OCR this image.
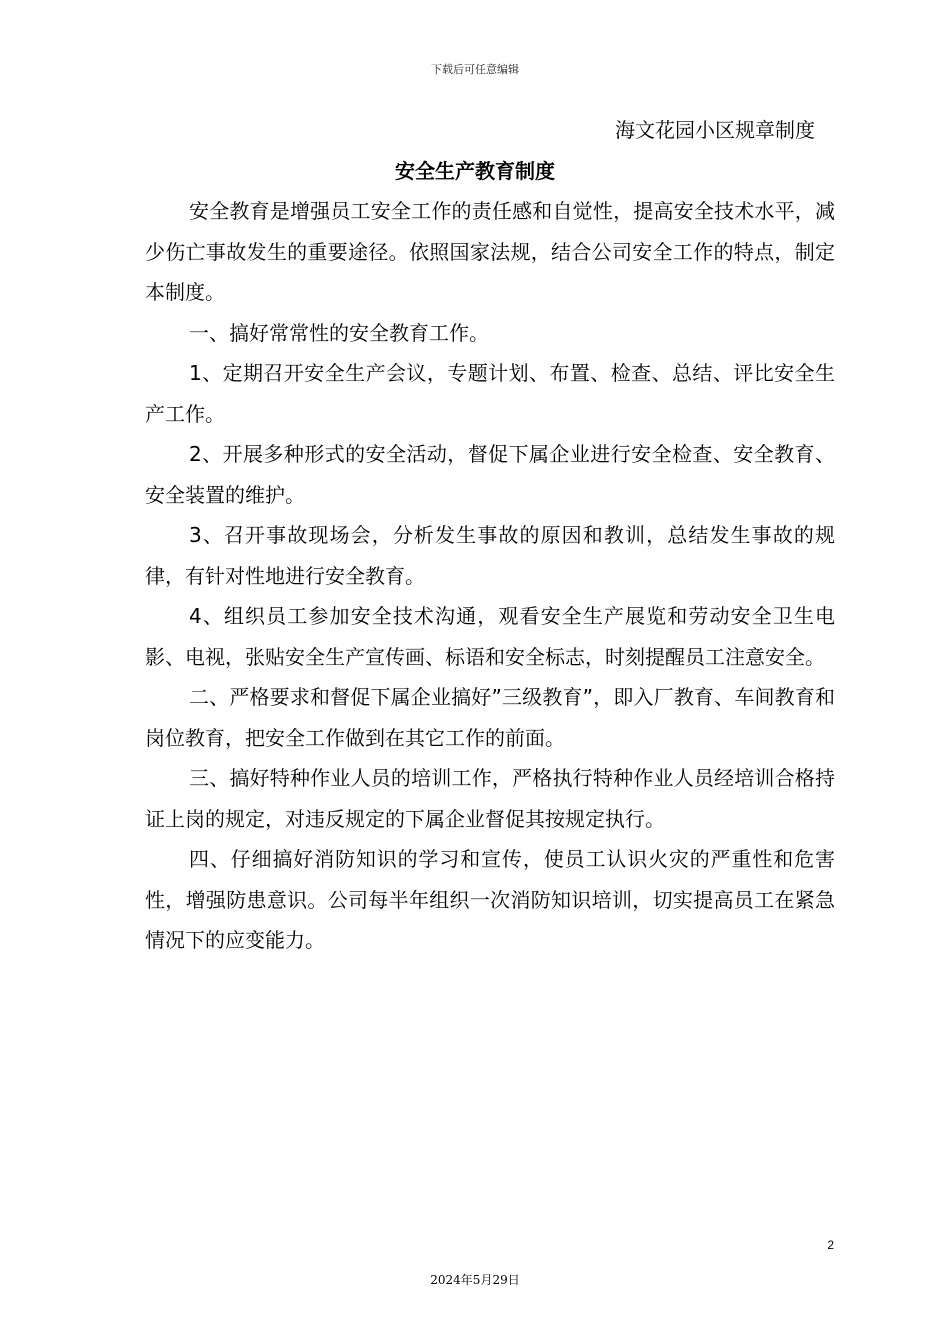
下载后可任意编辑
海文花园小区规章制度
安全生产教育制度

安全教育是增强员工安全工作的责任感和自觉性，提高安全技术水平，减少伤亡事故发生的重要途径。依照国家法规，结合公司安全工作的特点，制定本制度。

一、搞好常常性的安全教育工作。

1、定期召开安全生产会议，专题计划、布置、检查、总结、评比安全生产工作。

2、开展多种形式的安全活动，督促下属企业进行安全检查、安全教育、安全装置的维护。

3、召开事故现场会，分析发生事故的原因和教训，总结发生事故的规律，有针对性地进行安全教育。

4、组织员工参加安全技术沟通，观看安全生产展览和劳动安全卫生电影、电视，张贴安全生产宣传画、标语和安全标志，时刻提醒员工注意安全。

二、严格要求和督促下属企业搞好”三级教育”，即入厂教育、车间教育和岗位教育，把安全工作做到在其它工作的前面。

三、搞好特种作业人员的培训工作，严格执行特种作业人员经培训合格持证上岗的规定，对违反规定的下属企业督促其按规定执行。

四、仔细搞好消防知识的学习和宣传，使员工认识火灾的严重性和危害性，增强防患意识。公司每半年组织一次消防知识培训，切实提高员工在紧急情况下的应变能力。

2
2024年5月29日
